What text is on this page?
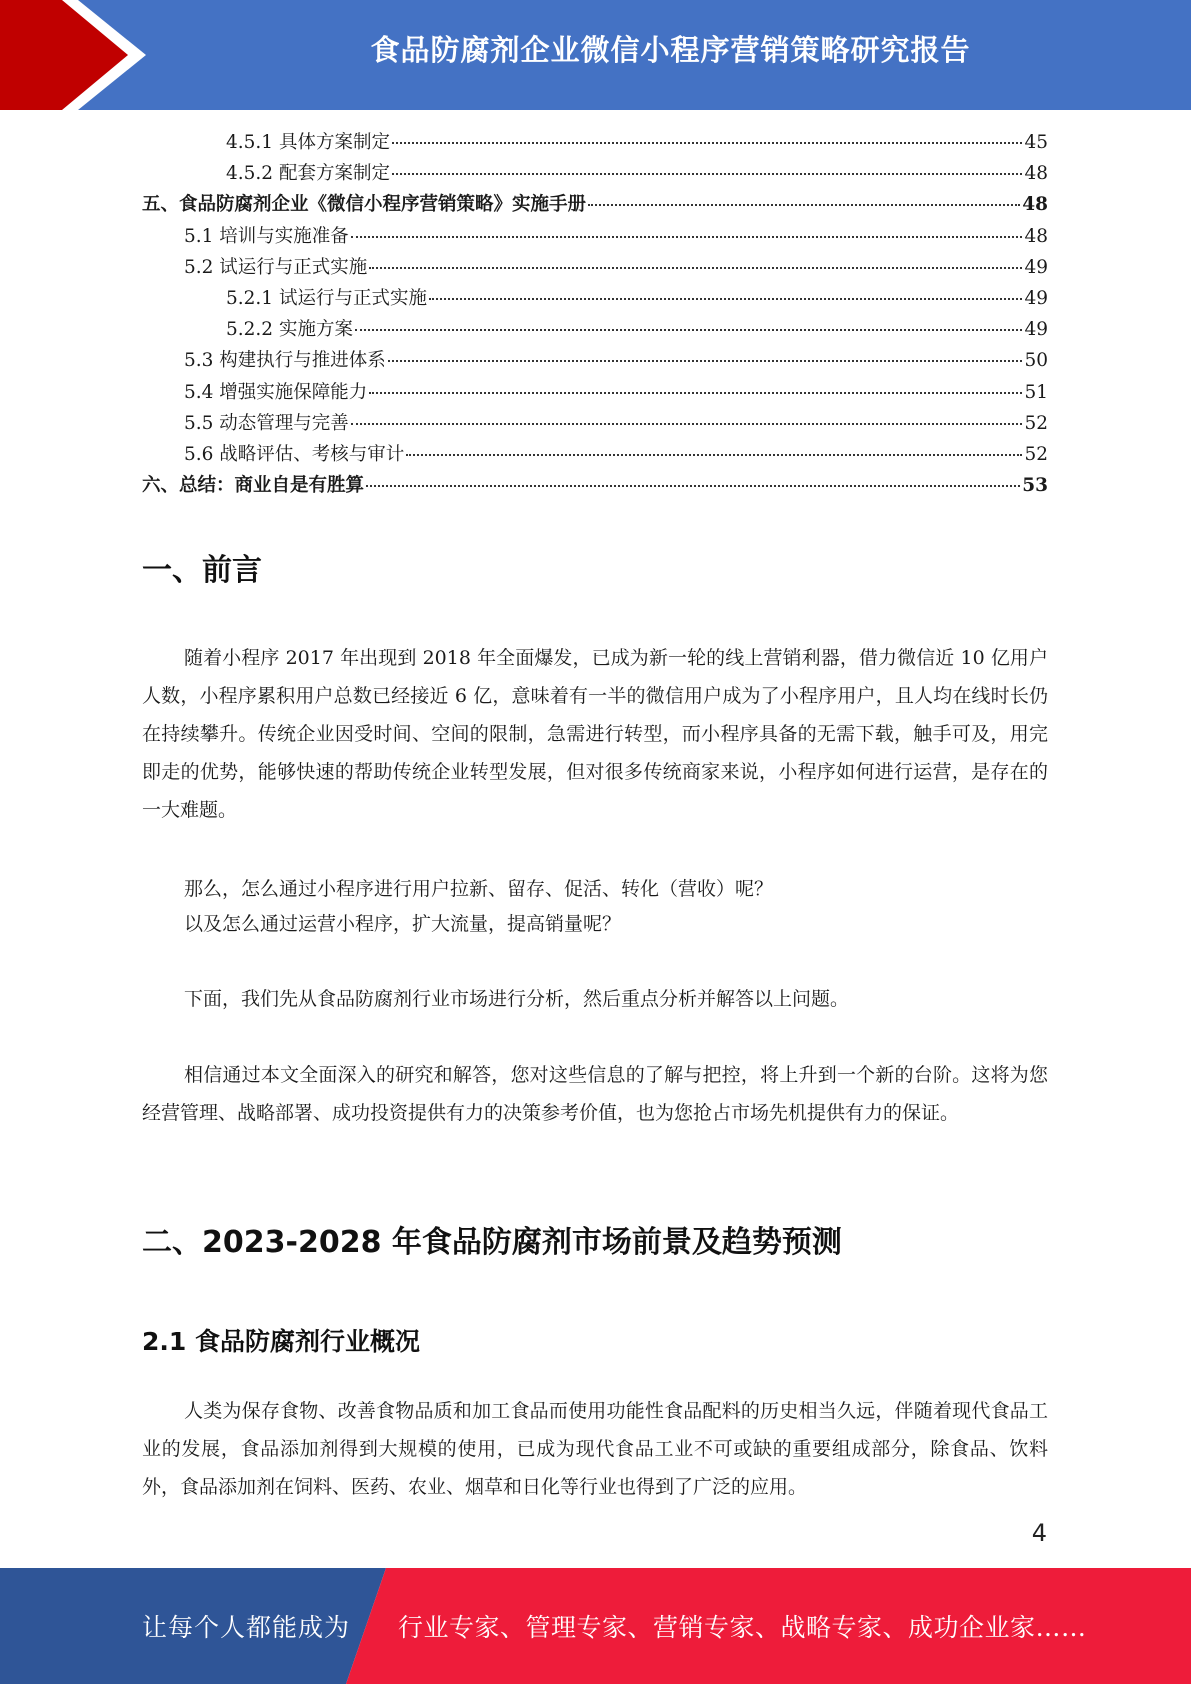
食品防腐剂企业微信小程序营销策略研究报告
4.5.1 具体方案制定	45
4.5.2 配套方案制定	48
五、食品防腐剂企业《微信小程序营销策略》实施手册	48
5.1 培训与实施准备	48
5.2 试运行与正式实施	49
5.2.1 试运行与正式实施	49
5.2.2 实施方案	49
5.3 构建执行与推进体系	50
5.4 增强实施保障能力	51
5.5 动态管理与完善	52
5.6 战略评估、考核与审计	52
六、总结：商业自是有胜算	53
一、前言

随着小程序 2017 年出现到 2018 年全面爆发，已成为新一轮的线上营销利器，借力微信近 10 亿用户人数，小程序累积用户总数已经接近 6 亿，意味着有一半的微信用户成为了小程序用户，且人均在线时长仍在持续攀升。传统企业因受时间、空间的限制，急需进行转型，而小程序具备的无需下载，触手可及，用完即走的优势，能够快速的帮助传统企业转型发展，但对很多传统商家来说，小程序如何进行运营，是存在的一大难题。

那么，怎么通过小程序进行用户拉新、留存、促活、转化（营收）呢？

以及怎么通过运营小程序，扩大流量，提高销量呢？

下面，我们先从食品防腐剂行业市场进行分析，然后重点分析并解答以上问题。

相信通过本文全面深入的研究和解答，您对这些信息的了解与把控，将上升到一个新的台阶。这将为您经营管理、战略部署、成功投资提供有力的决策参考价值，也为您抢占市场先机提供有力的保证。

二、2023-2028 年食品防腐剂市场前景及趋势预测
2.1 食品防腐剂行业概况

人类为保存食物、改善食物品质和加工食品而使用功能性食品配料的历史相当久远，伴随着现代食品工业的发展，食品添加剂得到大规模的使用，已成为现代食品工业不可或缺的重要组成部分，除食品、饮料外，食品添加剂在饲料、医药、农业、烟草和日化等行业也得到了广泛的应用。

4
让每个人都能成为 行业专家、管理专家、营销专家、战略专家、成功企业家……
